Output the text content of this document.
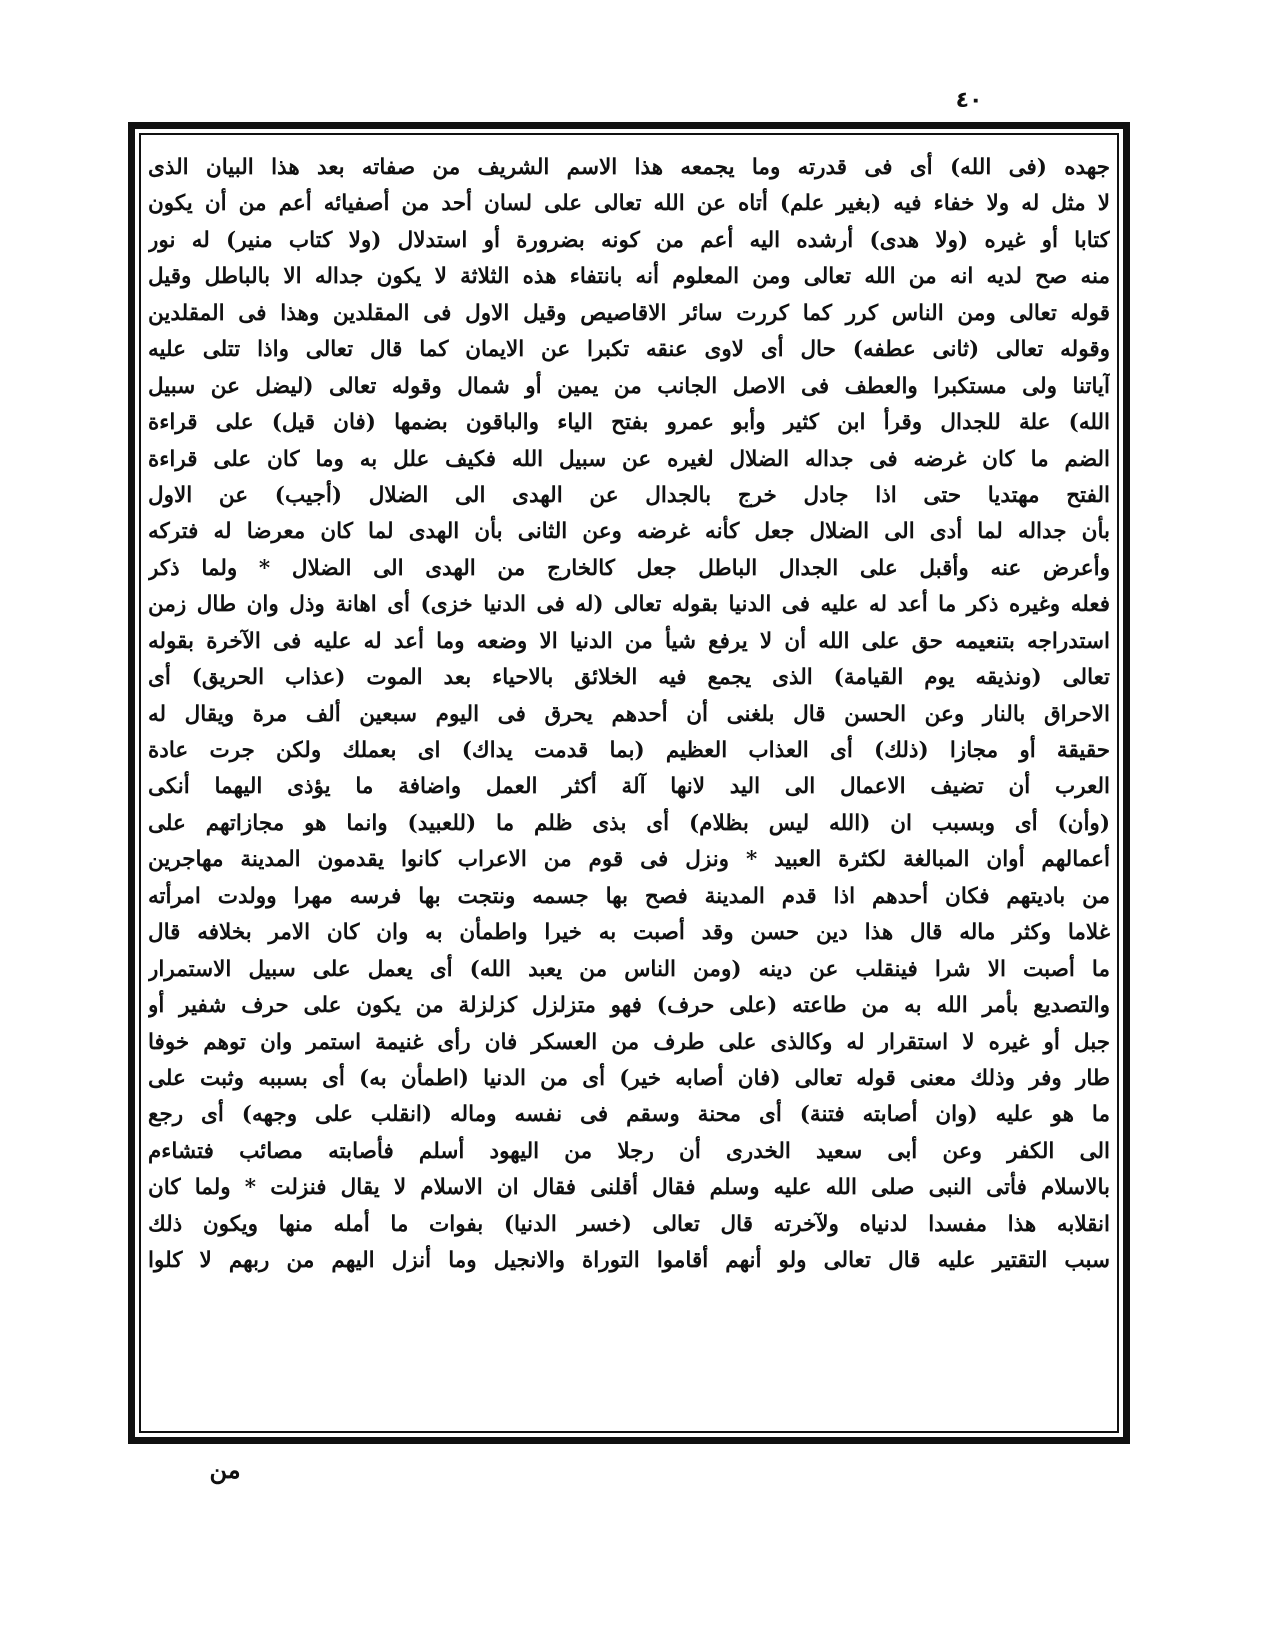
٤٠
جهده (فى الله) أى فى قدرته وما يجمعه هذا الاسم الشريف من صفاته بعد هذا البيان الذى
لا مثل له ولا خفاء فيه (بغير علم) أتاه عن الله تعالى على لسان أحد من أصفيائه أعم من أن يكون
كتابا أو غيره (ولا هدى) أرشده اليه أعم من كونه بضرورة أو استدلال (ولا كتاب منير) له نور
منه صح لديه انه من الله تعالى ومن المعلوم أنه بانتفاء هذه الثلاثة لا يكون جداله الا بالباطل وقيل
قوله تعالى ومن الناس كرر كما كررت سائر الاقاصيص وقيل الاول فى المقلدين وهذا فى المقلدين
وقوله تعالى (ثانى عطفه) حال أى لاوى عنقه تكبرا عن الايمان كما قال تعالى واذا تتلى عليه
آياتنا ولى مستكبرا والعطف فى الاصل الجانب من يمين أو شمال وقوله تعالى (ليضل عن سبيل
الله) علة للجدال وقرأ ابن كثير وأبو عمرو بفتح الياء والباقون بضمها (فان قيل) على قراءة
الضم ما كان غرضه فى جداله الضلال لغيره عن سبيل الله فكيف علل به وما كان على قراءة
الفتح مهتديا حتى اذا جادل خرج بالجدال عن الهدى الى الضلال (أجيب) عن الاول
بأن جداله لما أدى الى الضلال جعل كأنه غرضه وعن الثانى بأن الهدى لما كان معرضا له فتركه
وأعرض عنه وأقبل على الجدال الباطل جعل كالخارج من الهدى الى الضلال * ولما ذكر
فعله وغيره ذكر ما أعد له عليه فى الدنيا بقوله تعالى (له فى الدنيا خزى) أى اهانة وذل وان طال زمن
استدراجه بتنعيمه حق على الله أن لا يرفع شيأ من الدنيا الا وضعه وما أعد له عليه فى الآخرة بقوله
تعالى (ونذيقه يوم القيامة) الذى يجمع فيه الخلائق بالاحياء بعد الموت (عذاب الحريق) أى
الاحراق بالنار وعن الحسن قال بلغنى أن أحدهم يحرق فى اليوم سبعين ألف مرة ويقال له
حقيقة أو مجازا (ذلك) أى العذاب العظيم (بما قدمت يداك) اى بعملك ولكن جرت عادة
العرب أن تضيف الاعمال الى اليد لانها آلة أكثر العمل واضافة ما يؤذى اليهما أنكى
(وأن) أى وبسبب ان (الله ليس بظلام) أى بذى ظلم ما (للعبيد) وانما هو مجازاتهم على
أعمالهم أوان المبالغة لكثرة العبيد * ونزل فى قوم من الاعراب كانوا يقدمون المدينة مهاجرين
من باديتهم فكان أحدهم اذا قدم المدينة فصح بها جسمه ونتجت بها فرسه مهرا وولدت امرأته
غلاما وكثر ماله قال هذا دين حسن وقد أصبت به خيرا واطمأن به وان كان الامر بخلافه قال
ما أصبت الا شرا فينقلب عن دينه (ومن الناس من يعبد الله) أى يعمل على سبيل الاستمرار
والتصديع بأمر الله به من طاعته (على حرف) فهو متزلزل كزلزلة من يكون على حرف شفير أو
جبل أو غيره لا استقرار له وكالذى على طرف من العسكر فان رأى غنيمة استمر وان توهم خوفا
طار وفر وذلك معنى قوله تعالى (فان أصابه خير) أى من الدنيا (اطمأن به) أى بسببه وثبت على
ما هو عليه (وان أصابته فتنة) أى محنة وسقم فى نفسه وماله (انقلب على وجهه) أى رجع
الى الكفر وعن أبى سعيد الخدرى أن رجلا من اليهود أسلم فأصابته مصائب فتشاءم
بالاسلام فأتى النبى صلى الله عليه وسلم فقال أقلنى فقال ان الاسلام لا يقال فنزلت * ولما كان
انقلابه هذا مفسدا لدنياه ولآخرته قال تعالى (خسر الدنيا) بفوات ما أمله منها ويكون ذلك
سبب التقتير عليه قال تعالى ولو أنهم أقاموا التوراة والانجيل وما أنزل اليهم من ربهم لا كلوا
من
